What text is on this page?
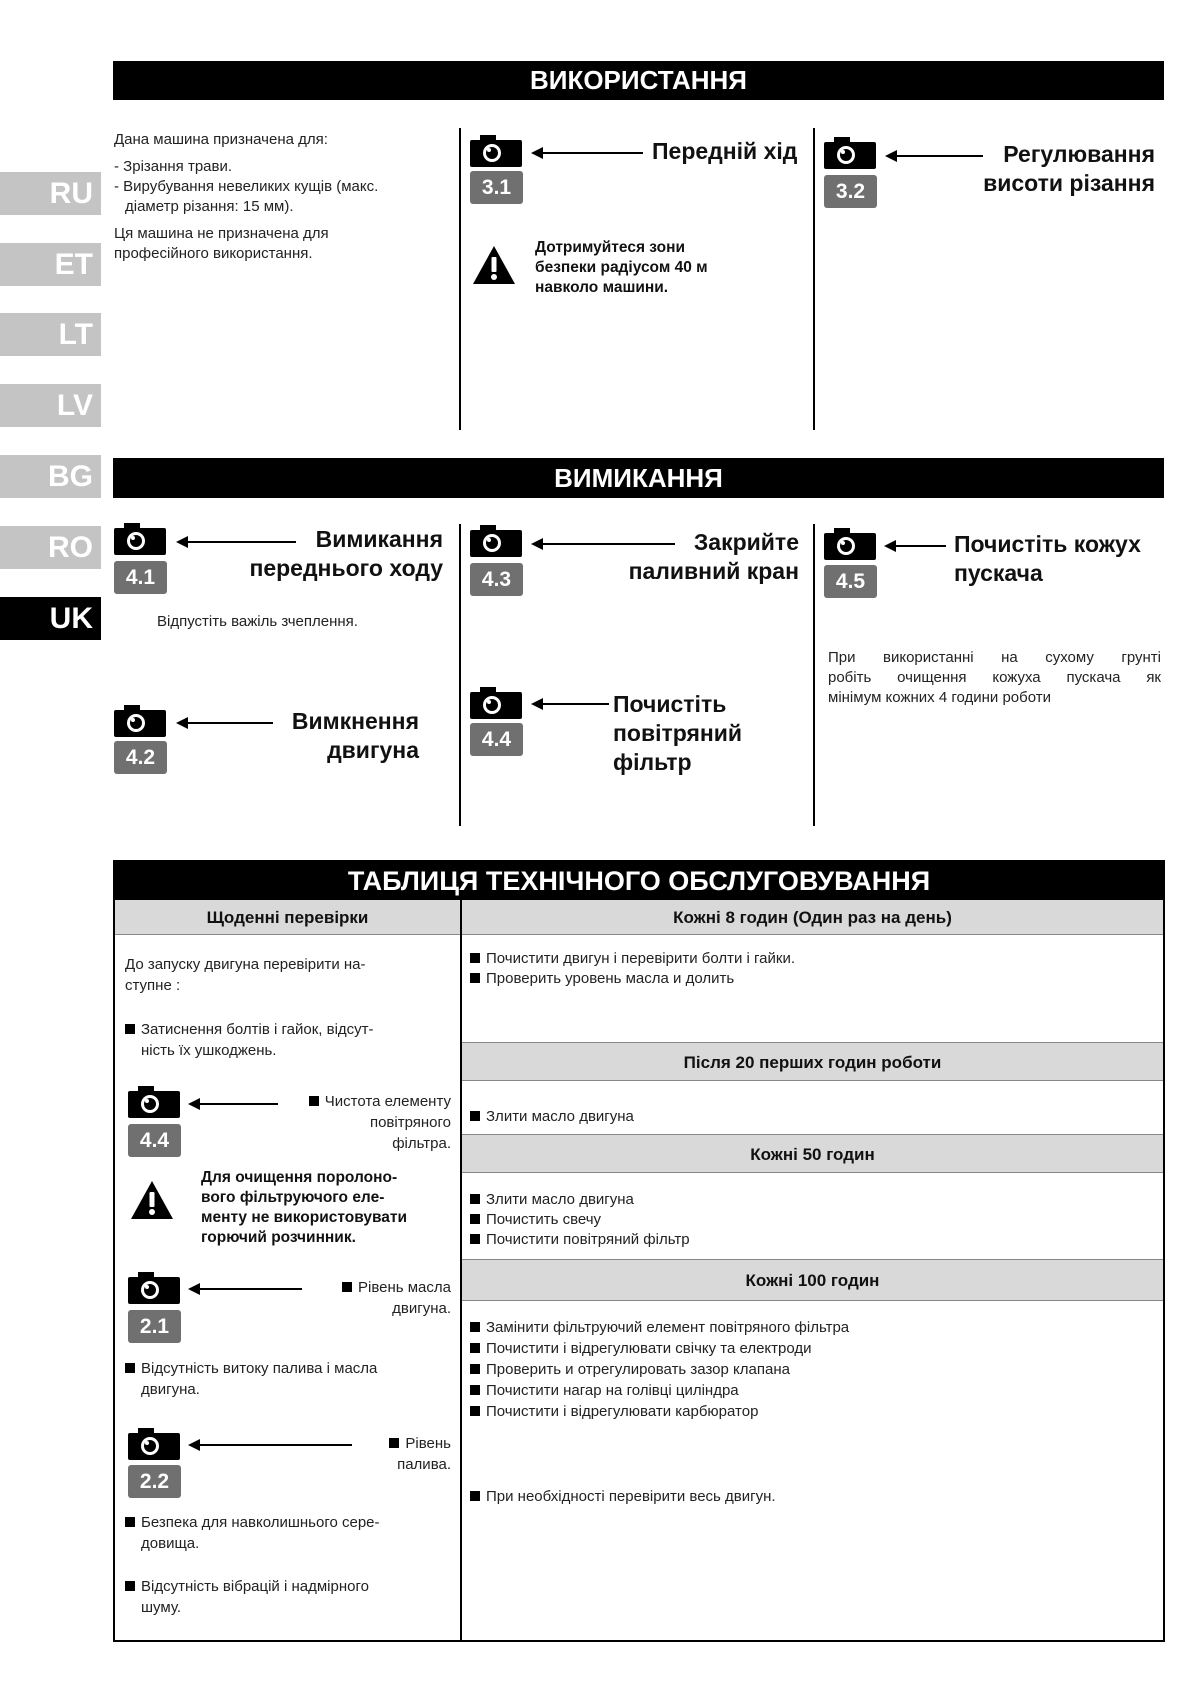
RU
ET
LT
LV
BG
RO
UK
ВИКОРИСТАННЯ
Дана машина призначена для:
- Зрізання трави.
- Вирубування невеликих кущів (макс.
діаметр різання: 15 мм).
Ця машина не призначена для
професійного використання.
3.1
Передній хід
Дотримуйтеся зони
безпеки радіусом 40 м
навколо машини.
3.2
Регулювання
висоти різання
ВИМИКАННЯ
4.1
Вимикання
переднього ходу
Відпустіть важіль зчеплення.
4.2
Вимкнення
двигуна
4.3
Закрийте
паливний кран
4.4
Почистіть
повітряний
фільтр
4.5
Почистіть кожух
пускача
При використанні на сухому грунті
робіть очищення кожуха пускача як
мінімум кожних 4 години роботи
ТАБЛИЦЯ ТЕХНІЧНОГО ОБСЛУГОВУВАННЯ
Щоденні перевірки
До запуску двигуна перевірити на-
ступне :
Затиснення болтів і гайок, відсут-
ність їх ушкоджень.
4.4
Чистота елементу
повітряного
фільтра.
Для очищення поролоно-
вого фільтруючого еле-
менту не використовувати
горючий розчинник.
2.1
Рівень масла
двигуна.
Відсутність витоку палива і масла
двигуна.
2.2
Рівень
палива.
Безпека для навколишнього сере-
довища.
Відсутність вібрацій і надмірного
шуму.
Кожні 8 годин (Один раз на день)
Почистити двигун і перевірити болти і гайки.
Проверить уровень масла и долить
Після 20 перших годин роботи
Злити масло двигуна
Кожні 50 годин
Злити масло двигуна
Почистить свечу
Почистити повітряний фільтр
Кожні 100 годин
Замінити фільтруючий елемент повітряного фільтра
Почистити і відрегулювати свічку та електроди
Проверить и отрегулировать зазор клапана
Почистити нагар на голівці циліндра
Почистити і відрегулювати карбюратор
При необхідності перевірити весь двигун.
